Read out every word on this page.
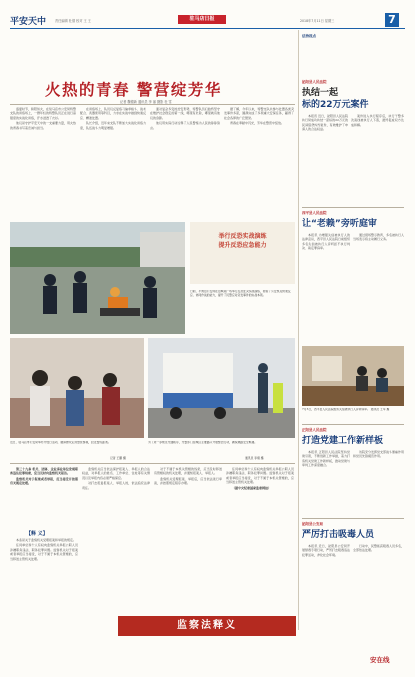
平安天中	责任编辑 杜德 校对 王 王	驻马店日报	2018年7月11日 星期三	7
火热的青春 警营绽芳华
记者 魏德新 通讯员 李 丽 摄影 杜 雪

盛夏时节，骄阳似火，在驻马店市公安局特警支队的训练场上，一群年轻的特警队员正在进行高强度的实战化训练，汗水浸透了衣衫。

他们是守护平安天中的一支重要力量，用火热的青春书写着忠诚与担当。

在训练场上，队员们反复练习擒拿格斗、战术配合、武器使用等科目，力求在实战中做到快速反应、精准处置。

队长介绍，近年来支队不断加大实战化训练力度，队伍战斗力明显增强。

面对复杂多变的治安形势，特警队员们始终坚守在维护社会稳定的第一线，哪里有危险，哪里就有他们的身影。

他们用实际行动诠释了人民警察为人民的铮铮誓言。

据了解，今年以来，特警支队共参与处置各类突发事件多起，圆满完成了多项重大安保任务，赢得了社会各界的广泛赞誉。

青春在奉献中闪光，芳华在警营中绽放。

举行反恐实战演练
提升反恐应急能力
日前，平舆县公安局在县城某广场举行反恐处突实战演练，检验了公安机关快速反应、协同作战的能力，提升了民警应对突发事件的实战本领。
近日，驻马店市公安局举办开放日活动，邀请群众走进警营参观，拉近警民距离。	为了进一步规范交通秩序，交警部门在城区主要路口开展整治行动，确保道路安全畅通。
记者 王鹏 摄	通讯员 李翔 摄
法治视点
泌阳县人民法院
执结一起
标的22万元案件

本报讯 近日，泌阳县人民法院执行局成功执结一起标的22万元的民间借贷纠纷案件，有效维护了申请人的合法权益。

案件进入执行程序后，执行干警多次查找被执行人下落，最终促成双方达成和解。

西平县人民法院
让“老赖”旁听庭审

本报讯 为增强失信被执行人的法律意识，西平县人民法院日前组织多名失信被执行人旁听拒不执行判决、裁定罪庭审。

通过现场警示教育，多名被执行人当场表示将主动履行义务。

7月5日，西平县人民法院组织失信被执行人旁听庭审。 通讯员 王军 摄
正阳县人民法院
打造党建工作新样板

本报讯 正阳县人民法院坚持党建引领，不断创新工作举措，着力打造机关党建工作新样板，推动党建与审判工作深度融合。

该院充分发挥党支部战斗堡垒作用和党员先锋模范作用。

泌阳县公安局
严厉打击吸毒人员

本报讯 近日，泌阳县公安局开展禁毒专项行动，严厉打击吸毒违法犯罪活动，净化社会环境。

行动中，民警抓获吸毒人员多名，全部依法处理。

安在线

第三十九条 机关、团体、企业事业单位发现职务违法犯罪线索，应当及时向监察机关报告。

监察机关对于报案或者举报，应当接受并按照有关规定处理。

【释 义】

本条是关于监察机关受理报案和举报的规定。

任何单位和个人有权向监察机关举报公职人员涉嫌职务违法、职务犯罪问题。监察机关对于报案或者举报应当接受，对于不属于本机关管辖的，应当移送主管机关处理。

监察机关应当依法保护报案人、举报人的合法权益，对举报人的姓名、工作单位、住址等有关情况以及举报内容必须严格保密。

对打击报复报案人、举报人的，依法追究法律责任。

对于不属于本机关管辖的线索，应当及时移送有管辖权的机关处理，并通知报案人、举报人。

监察机关受理报案、举报后，应当依法进行审查，并按照规定程序办理。

任何单位和个人有权向监察机关举报公职人员涉嫌职务违法、职务犯罪问题。监察机关对于报案或者举报应当接受，对于不属于本机关管辖的，应当移送主管机关处理。

（据中央纪委国家监委网站）

监察法释义
